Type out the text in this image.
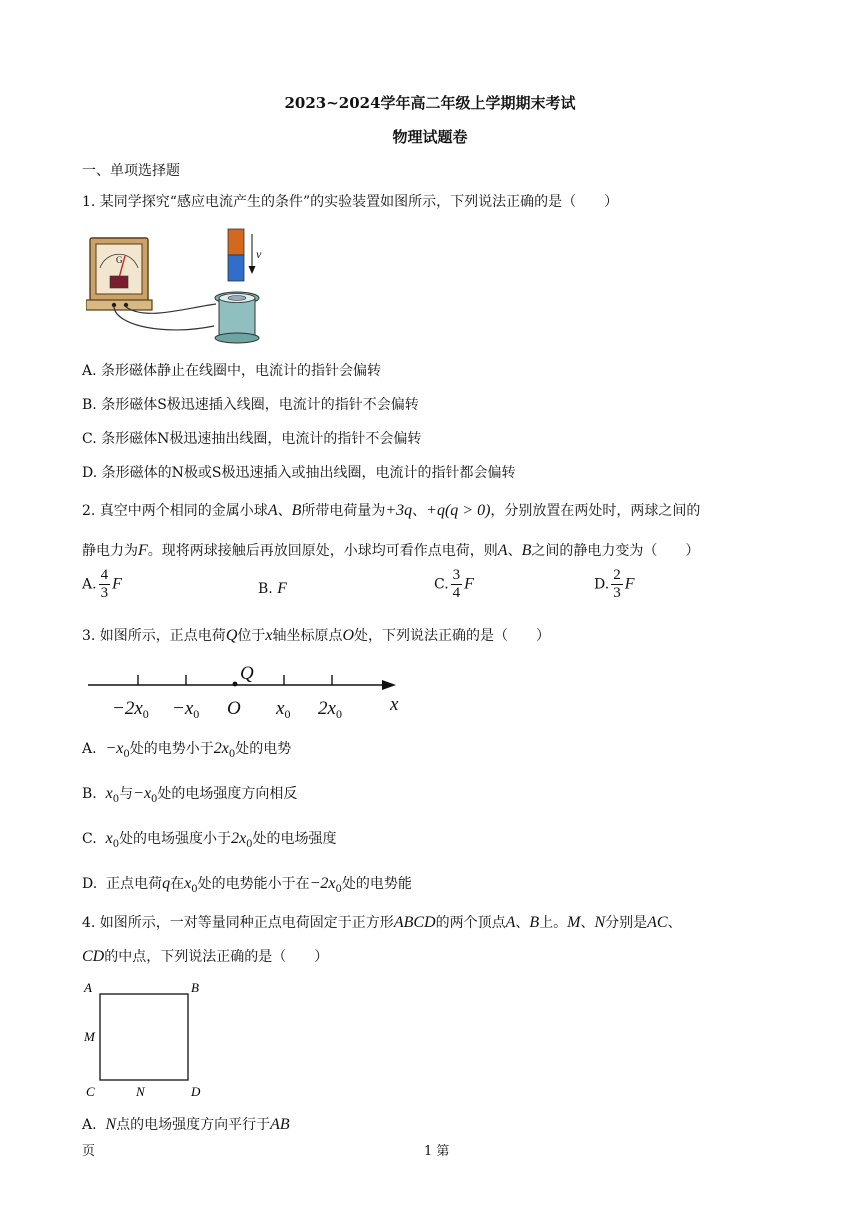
2023~2024学年高二年级上学期期末考试
物理试题卷
一、单项选择题
1. 某同学探究“感应电流产生的条件”的实验装置如图所示，下列说法正确的是（　　）
G	v
A. 条形磁体静止在线圈中，电流计的指针会偏转
B. 条形磁体S极迅速插入线圈，电流计的指针不会偏转
C. 条形磁体N极迅速抽出线圈，电流计的指针不会偏转
D. 条形磁体的N极或S极迅速插入或抽出线圈，电流计的指针都会偏转
2. 真空中两个相同的金属小球A、B所带电荷量为+3q、+q(q > 0)，分别放置在两处时，两球之间的
静电力为F。现将两球接触后再放回原处，小球均可看作点电荷，则A、B之间的静电力变为（　　）
A. $\frac{4}{3}$ F	B. F	C. $\frac{3}{4}$ F	D. $\frac{2}{3}$ F
3. 如图所示，正点电荷Q位于x轴坐标原点O处，下列说法正确的是（　　）
Q
$-2x_0 -x_0$ O $x_0$ $2x_0$	x
A. $-x_0$处的电势小于$2x_0$处的电势
B. $x_0$与$-x_0$处的电场强度方向相反
C. $x_0$处的电场强度小于$2x_0$处的电场强度
D. 正点电荷q在$x_0$处的电势能小于在$-2x_0$处的电势能
4. 如图所示，一对等量同种正点电荷固定于正方形ABCD的两个顶点A、B上。M、N分别是AC、
CD的中点，下列说法正确的是（　　）
A	B
M
C	N	D
A. N点的电场强度方向平行于AB
页	1 第
